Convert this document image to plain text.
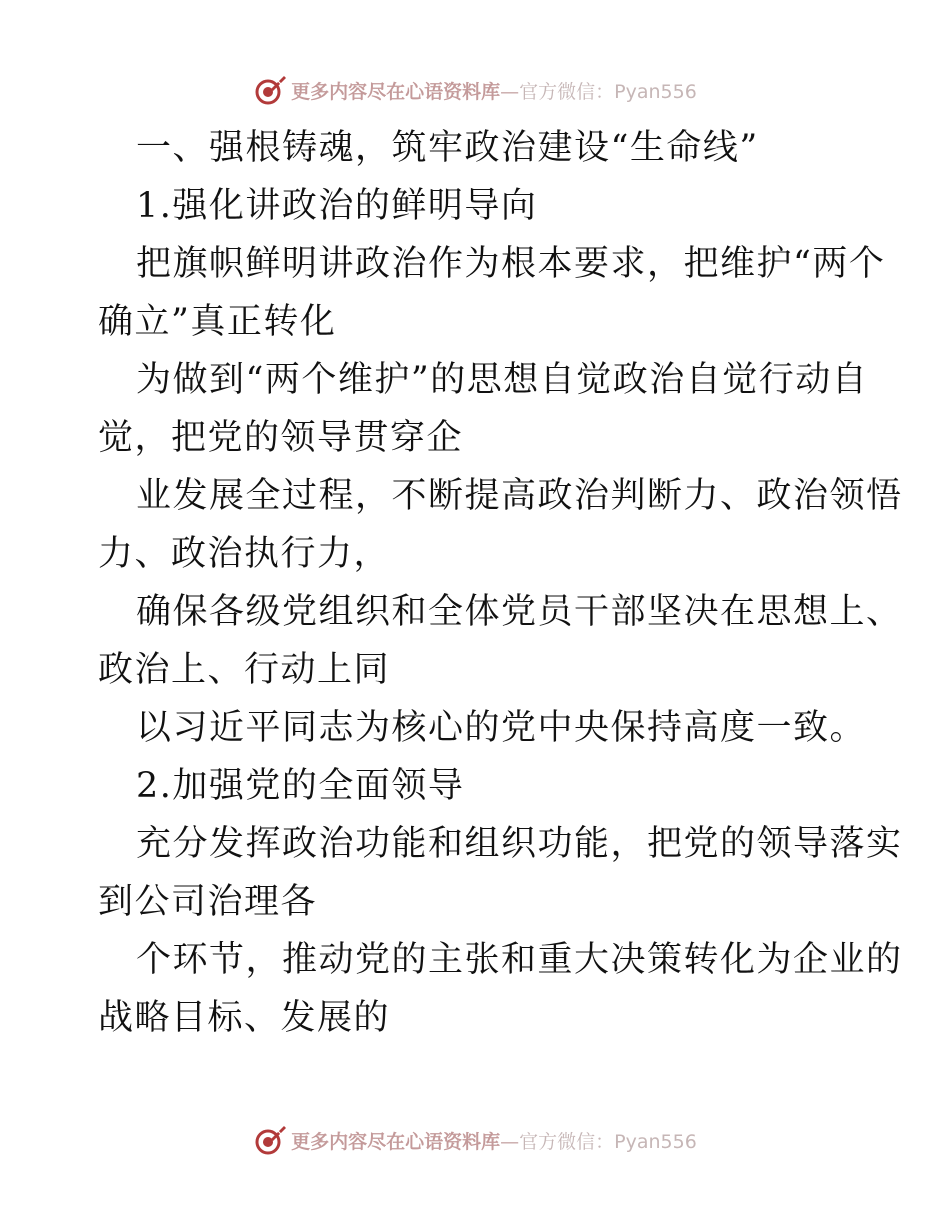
更多内容尽在心语资料库—官方微信：Pyan556
一、强根铸魂，筑牢政治建设“生命线”
1.强化讲政治的鲜明导向
把旗帜鲜明讲政治作为根本要求，把维护“两个
确立”真正转化
为做到“两个维护”的思想自觉政治自觉行动自
觉，把党的领导贯穿企
业发展全过程，不断提高政治判断力、政治领悟
力、政治执行力，
确保各级党组织和全体党员干部坚决在思想上、
政治上、行动上同
以习近平同志为核心的党中央保持高度一致。
2.加强党的全面领导
充分发挥政治功能和组织功能，把党的领导落实
到公司治理各
个环节，推动党的主张和重大决策转化为企业的
战略目标、发展的
更多内容尽在心语资料库—官方微信：Pyan556
